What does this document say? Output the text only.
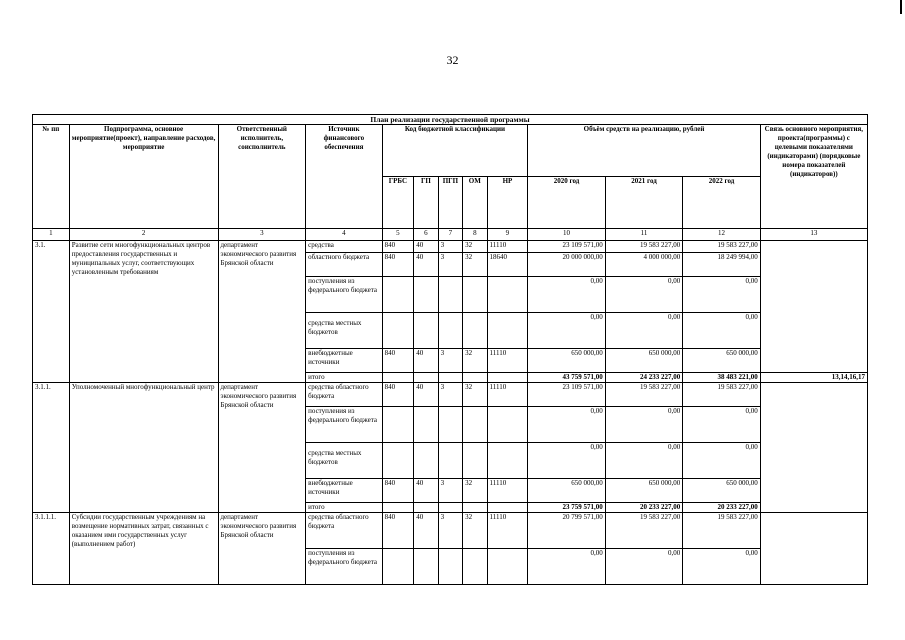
32
План реализации государственной программы												
№ пп	Подпрограмма, основное мероприятие(проект), направление расходов, мероприятие	Ответственный исполнитель, соисполнитель	Источник финансового обеспечения	Код бюджетной классификации					Объём средств на реализацию, рублей			Связь основного мероприятия, проекта(программы) с целевыми показателями (индикаторами) (порядковые номера показателей (индикаторов))
				ГРБС	ГП	ПГП	ОМ	НР	2020 год	2021 год	2022 год	
1	2	3	4	5	6	7	8	9	10	11	12	13
3.1.	Развитие сети многофункциональных центров предоставления государственных и муниципальных услуг, соответствующих установленным требованиям	департамент экономического развития Брянской области	средства	840	40	3	32	11110	23 109 571,00	19 583 227,00	19 583 227,00	
			областного бюджета	840	40	3	32	18640	20 000 000,00	4 000 000,00	18 249 994,00	
			поступления из федерального бюджета						0,00	0,00	0,00	
			средства местных бюджетов						0,00	0,00	0,00	
			внебюджетные источники	840	40	3	32	11110	650 000,00	650 000,00	650 000,00	
			итого						43 759 571,00	24 233 227,00	38 483 221,00	13,14,16,17
3.1.1.	Уполномоченный многофункциональный центр	департамент экономического развития Брянской области	средства областного бюджета	840	40	3	32	11110	23 109 571,00	19 583 227,00	19 583 227,00	
			поступления из федерального бюджета						0,00	0,00	0,00	
			средства местных бюджетов						0,00	0,00	0,00	
			внебюджетные источники	840	40	3	32	11110	650 000,00	650 000,00	650 000,00	
			итого						23 759 571,00	20 233 227,00	20 233 227,00	
3.1.1.1.	Субсидии государственным учреждениям на возмещение нормативных затрат, связанных с оказанием ими государственных услуг (выполнением работ)	департамент экономического развития Брянской области	средства областного бюджета	840	40	3	32	11110	20 799 571,00	19 583 227,00	19 583 227,00	
			поступления из федерального бюджета						0,00	0,00	0,00	
